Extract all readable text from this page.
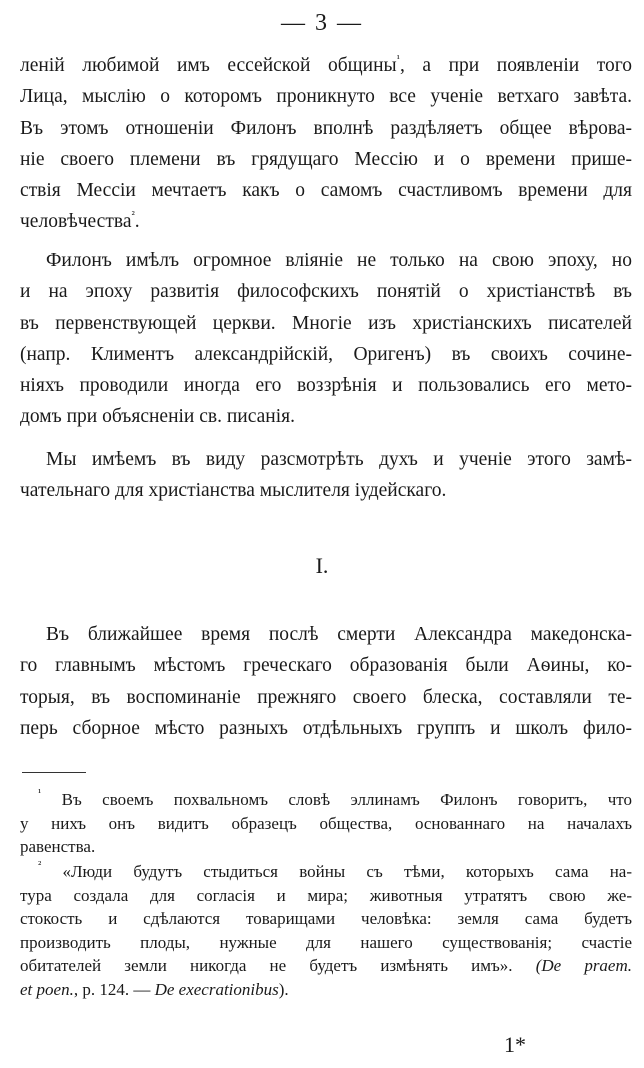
— 3 —
леній любимой имъ ессейской общины$^{^1}$, а при появленіи того
Лица, мыслію о которомъ проникнуто все ученіе ветхаго завѣта.
Въ этомъ отношеніи Филонъ вполнѣ раздѣляетъ общее вѣрова-
ніе своего племени въ грядущаго Мессію и о времени прише-
ствія Мессіи мечтаетъ какъ о самомъ счастливомъ времени для
человѣчества$^{^2}$.
Филонъ имѣлъ огромное вліяніе не только на свою эпоху, но
и на эпоху развитія философскихъ понятій о христіанствѣ въ
въ первенствующей церкви. Многіе изъ христіанскихъ писателей
(напр. Климентъ александрійскій, Оригенъ) въ своихъ сочине-
ніяхъ проводили иногда его воззрѣнія и пользовались его мето-
домъ при объясненіи св. писанія.
Мы имѣемъ въ виду разсмотрѣть духъ и ученіе этого замѣ-
чательнаго для христіанства мыслителя іудейскаго.
I.
Въ ближайшее время послѣ смерти Александра македонска-
го главнымъ мѣстомъ греческаго образованія были Аѳины, ко-
торыя, въ воспоминаніе прежняго своего блеска, составляли те-
перь сборное мѣсто разныхъ отдѣльныхъ группъ и школъ фило-
$^{^1}$ Въ своемъ похвальномъ словѣ эллинамъ Филонъ говоритъ, что
у нихъ онъ видитъ образецъ общества, основаннаго на началахъ
равенства.
$^{^2}$ «Люди будутъ стыдиться войны съ тѣми, которыхъ сама на-
тура создала для согласія и мира; животныя утратятъ свою же-
стокость и сдѣлаются товарищами человѣка: земля сама будетъ
производить плоды, нужные для нашего существованія; счастіе
обитателей земли никогда не будетъ измѣнять имъ». (De praem.
et poen., p. 124. — De execrationibus).
1*
